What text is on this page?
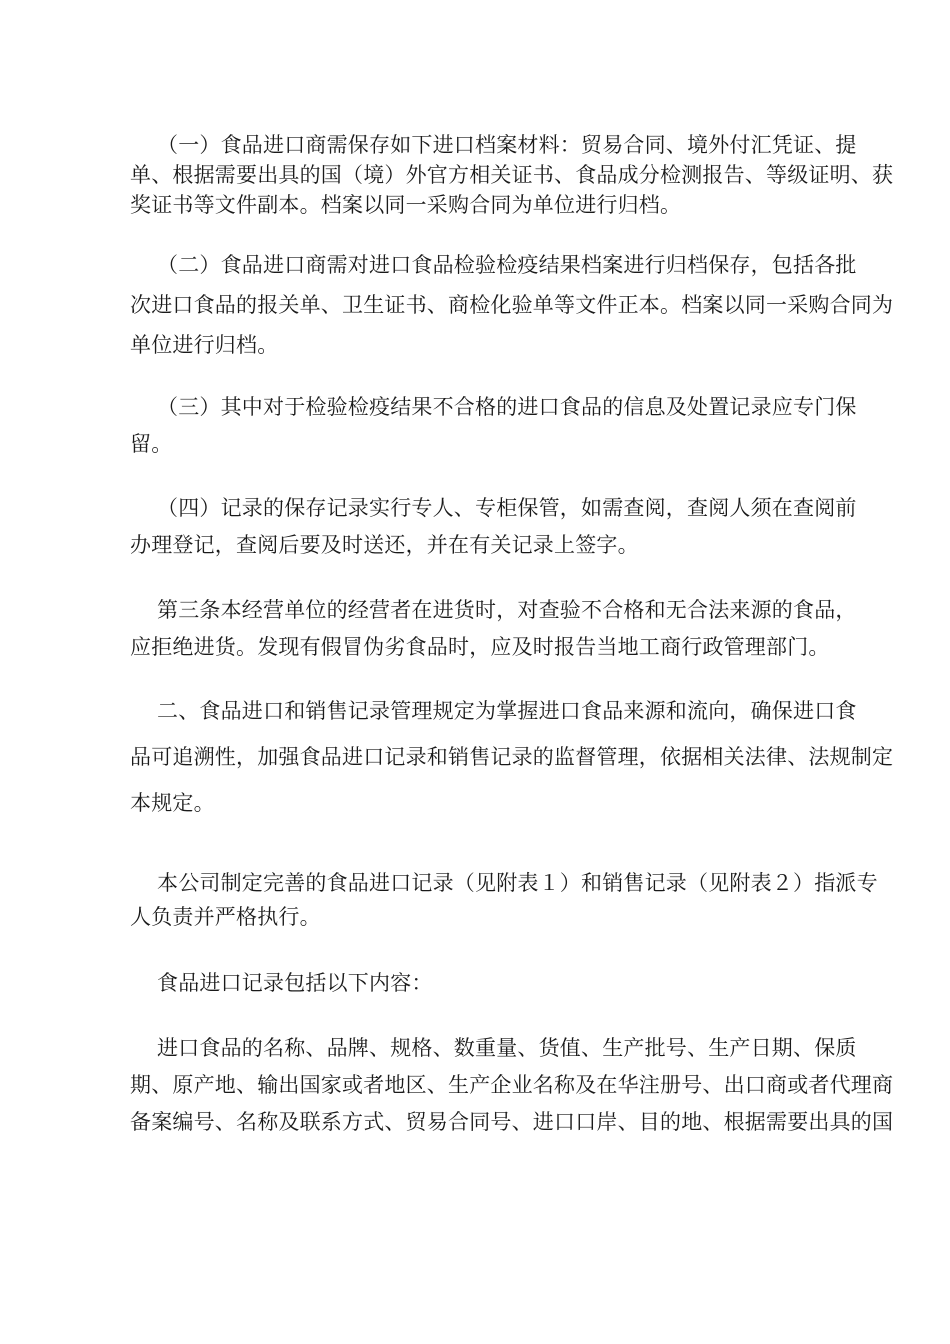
（一）食品进口商需保存如下进口档案材料：贸易合同、境外付汇凭证、提
单、根据需要出具的国（境）外官方相关证书、食品成分检测报告、等级证明、获
奖证书等文件副本。档案以同一采购合同为单位进行归档。

（二）食品进口商需对进口食品检验检疫结果档案进行归档保存，包括各批
次进口食品的报关单、卫生证书、商检化验单等文件正本。档案以同一采购合同为
单位进行归档。

（三）其中对于检验检疫结果不合格的进口食品的信息及处置记录应专门保
留。

（四）记录的保存记录实行专人、专柜保管，如需查阅，查阅人须在查阅前
办理登记，查阅后要及时送还，并在有关记录上签字。

第三条本经营单位的经营者在进货时，对查验不合格和无合法来源的食品，
应拒绝进货。发现有假冒伪劣食品时，应及时报告当地工商行政管理部门。

二、食品进口和销售记录管理规定为掌握进口食品来源和流向，确保进口食
品可追溯性，加强食品进口记录和销售记录的监督管理，依据相关法律、法规制定
本规定。

本公司制定完善的食品进口记录（见附表１）和销售记录（见附表２）指派专
人负责并严格执行。

食品进口记录包括以下内容：

进口食品的名称、品牌、规格、数重量、货值、生产批号、生产日期、保质
期、原产地、输出国家或者地区、生产企业名称及在华注册号、出口商或者代理商
备案编号、名称及联系方式、贸易合同号、进口口岸、目的地、根据需要出具的国
